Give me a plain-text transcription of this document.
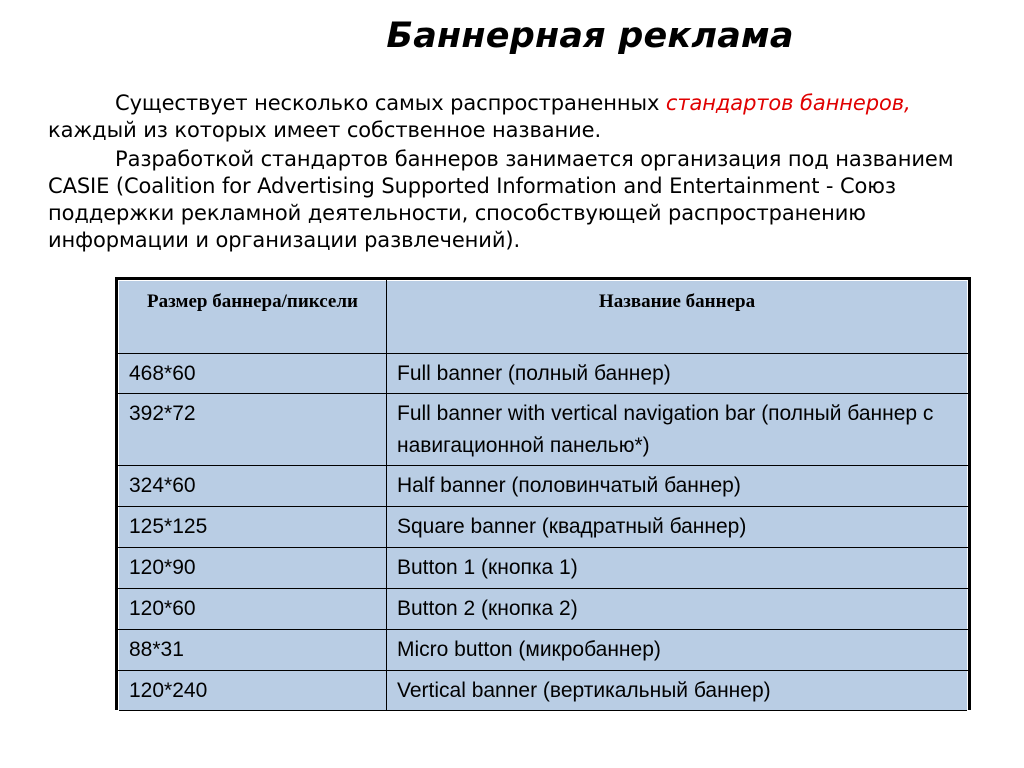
Баннерная реклама

Существует несколько самых распространенных стандартов баннеров, каждый из которых имеет собственное название.

Разработкой стандартов баннеров занимается организация под названием CASIE (Coalition for Advertising Supported Information and Entertainment - Союз поддержки рекламной деятельности, способствующей распространению информации и организации развлечений).

Размер баннера/пиксели	Название баннера
468*60	Full banner (полный баннер)
392*72	Full banner with vertical navigation bar (полный баннер с навигационной панелью*)
324*60	Half banner (половинчатый баннер)
125*125	Square banner (квадратный баннер)
120*90	Button 1 (кнопка 1)
120*60	Button 2 (кнопка 2)
88*31	Micro button (микробаннер)
120*240	Vertical banner (вертикальный баннер)
